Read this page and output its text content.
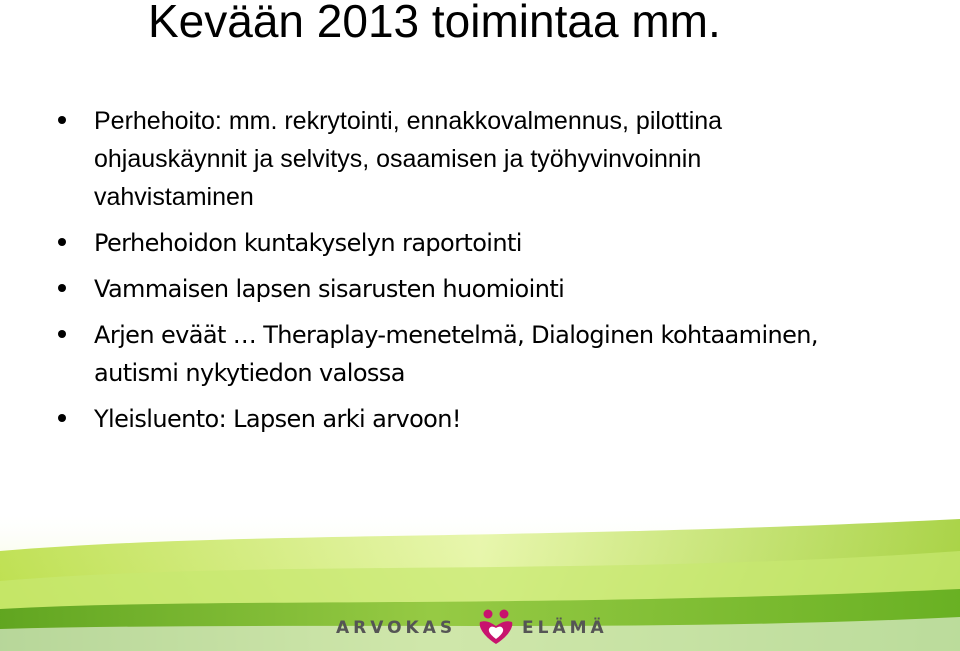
Kevään 2013 toimintaa mm.
Perhehoito: mm. rekrytointi, ennakkovalmennus, pilottina ohjauskäynnit ja selvitys, osaamisen ja työhyvinvoinnin vahvistaminen
Perhehoidon kuntakyselyn raportointi
Vammaisen lapsen sisarusten huomiointi
Arjen eväät … Theraplay-menetelmä, Dialoginen kohtaaminen, autismi nykytiedon valossa
Yleisluento: Lapsen arki arvoon!
ARVOKAS	ELÄMÄ
